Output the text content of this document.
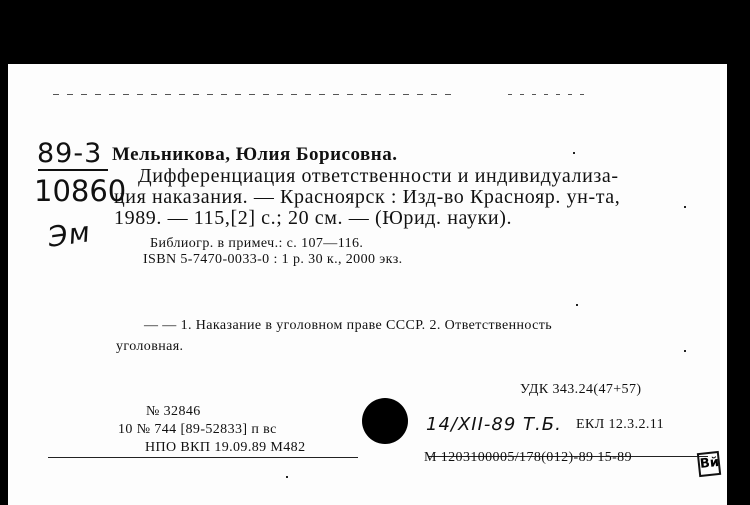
89-3
10860
Эм
Мельникова, Юлия Борисовна.
Дифференциация ответственности и индивидуализа-
ция наказания. — Красноярск : Изд-во Краснояр. ун-та,
1989. — 115,[2] с.; 20 см. — (Юрид. науки).
Библиогр. в примеч.: с. 107—116.
ISBN 5-7470-0033-0 : 1 р. 30 к., 2000 экз.
— — 1. Наказание в уголовном праве СССР. 2. Ответственность
уголовная.
УДК 343.24(47+57)
№ 32846
10 № 744 [89-52833] п вс
НПО ВКП 19.09.89 М482
14/XII-89 Т.Б. ЕКЛ 12.3.2.11
М 1203100005/178(012)-89 15-89	Вй
